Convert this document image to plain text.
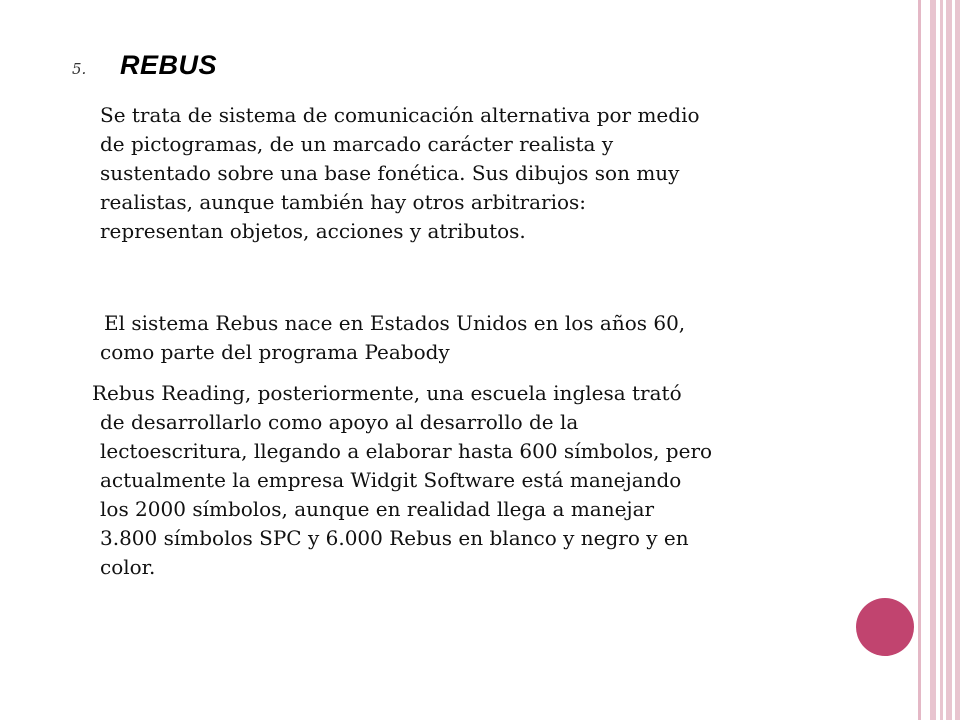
5. REBUS

Se trata de sistema de comunicación alternativa por medio
de pictogramas, de un marcado carácter realista y
sustentado sobre una base fonética. Sus dibujos son muy
realistas, aunque también hay otros arbitrarios:
representan objetos, acciones y atributos.

El sistema Rebus nace en Estados Unidos en los años 60,
como parte del programa Peabody

Rebus Reading, posteriormente, una escuela inglesa trató
de desarrollarlo como apoyo al desarrollo de la
lectoescritura, llegando a elaborar hasta 600 símbolos, pero
actualmente la empresa Widgit Software está manejando
los 2000 símbolos, aunque en realidad llega a manejar
3.800 símbolos SPC y 6.000 Rebus en blanco y negro y en
color.
